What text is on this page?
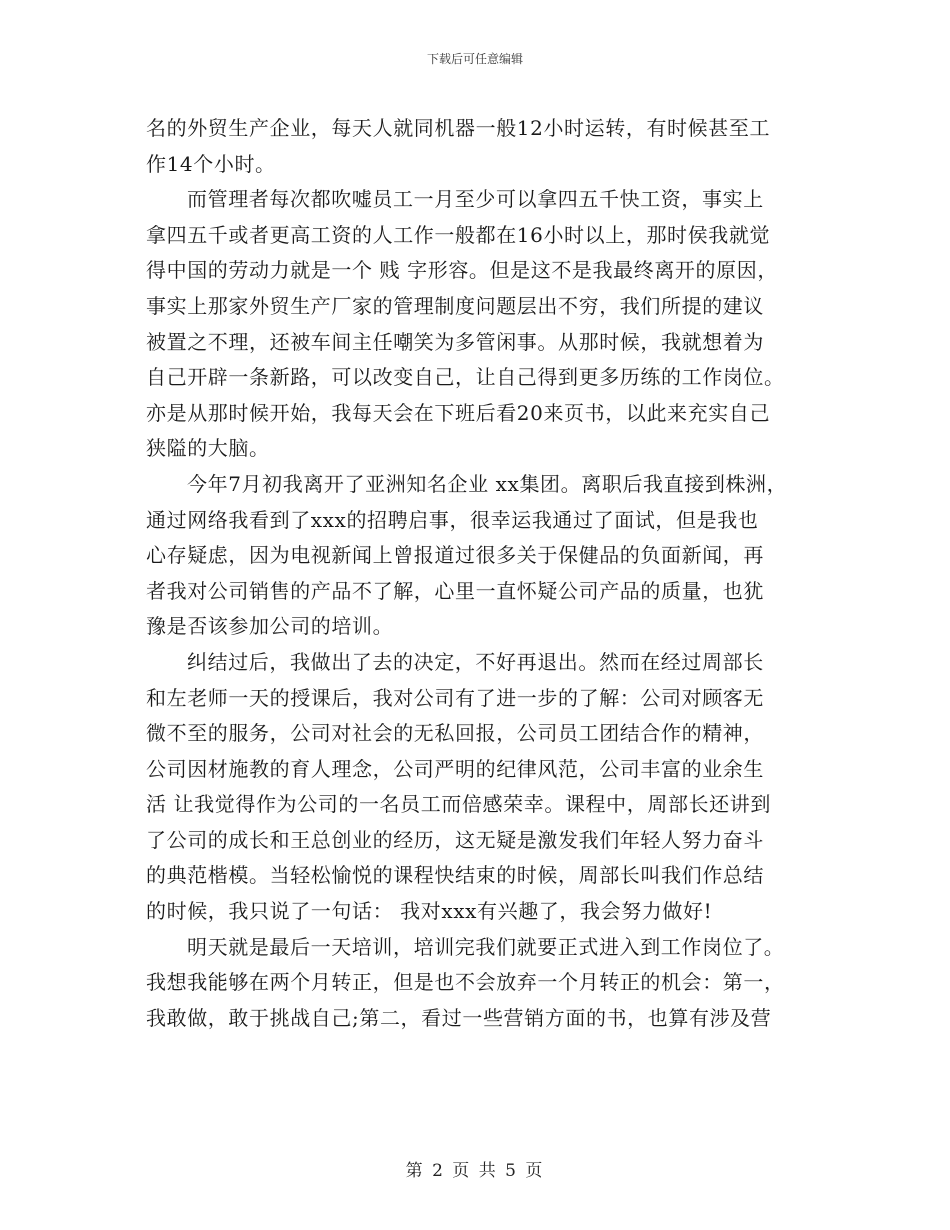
下载后可任意编辑
名的外贸生产企业，每天人就同机器一般12小时运转，有时候甚至工
作14个小时。
而管理者每次都吹嘘员工一月至少可以拿四五千快工资，事实上
拿四五千或者更高工资的人工作一般都在16小时以上，那时侯我就觉
得中国的劳动力就是一个 贱 字形容。但是这不是我最终离开的原因，
事实上那家外贸生产厂家的管理制度问题层出不穷，我们所提的建议
被置之不理，还被车间主任嘲笑为多管闲事。从那时候，我就想着为
自己开辟一条新路，可以改变自己，让自己得到更多历练的工作岗位。
亦是从那时候开始，我每天会在下班后看20来页书，以此来充实自己
狭隘的大脑。
今年7月初我离开了亚洲知名企业 xx集团。离职后我直接到株洲，
通过网络我看到了xxx的招聘启事，很幸运我通过了面试，但是我也
心存疑虑，因为电视新闻上曾报道过很多关于保健品的负面新闻，再
者我对公司销售的产品不了解，心里一直怀疑公司产品的质量，也犹
豫是否该参加公司的培训。
纠结过后，我做出了去的决定，不好再退出。然而在经过周部长
和左老师一天的授课后，我对公司有了进一步的了解：公司对顾客无
微不至的服务，公司对社会的无私回报，公司员工团结合作的精神，
公司因材施教的育人理念，公司严明的纪律风范，公司丰富的业余生
活 让我觉得作为公司的一名员工而倍感荣幸。课程中，周部长还讲到
了公司的成长和王总创业的经历，这无疑是激发我们年轻人努力奋斗
的典范楷模。当轻松愉悦的课程快结束的时候，周部长叫我们作总结
的时候，我只说了一句话： 我对xxx有兴趣了，我会努力做好!
明天就是最后一天培训，培训完我们就要正式进入到工作岗位了。
我想我能够在两个月转正，但是也不会放弃一个月转正的机会：第一，
我敢做，敢于挑战自己;第二，看过一些营销方面的书，也算有涉及营
第 2 页 共 5 页
